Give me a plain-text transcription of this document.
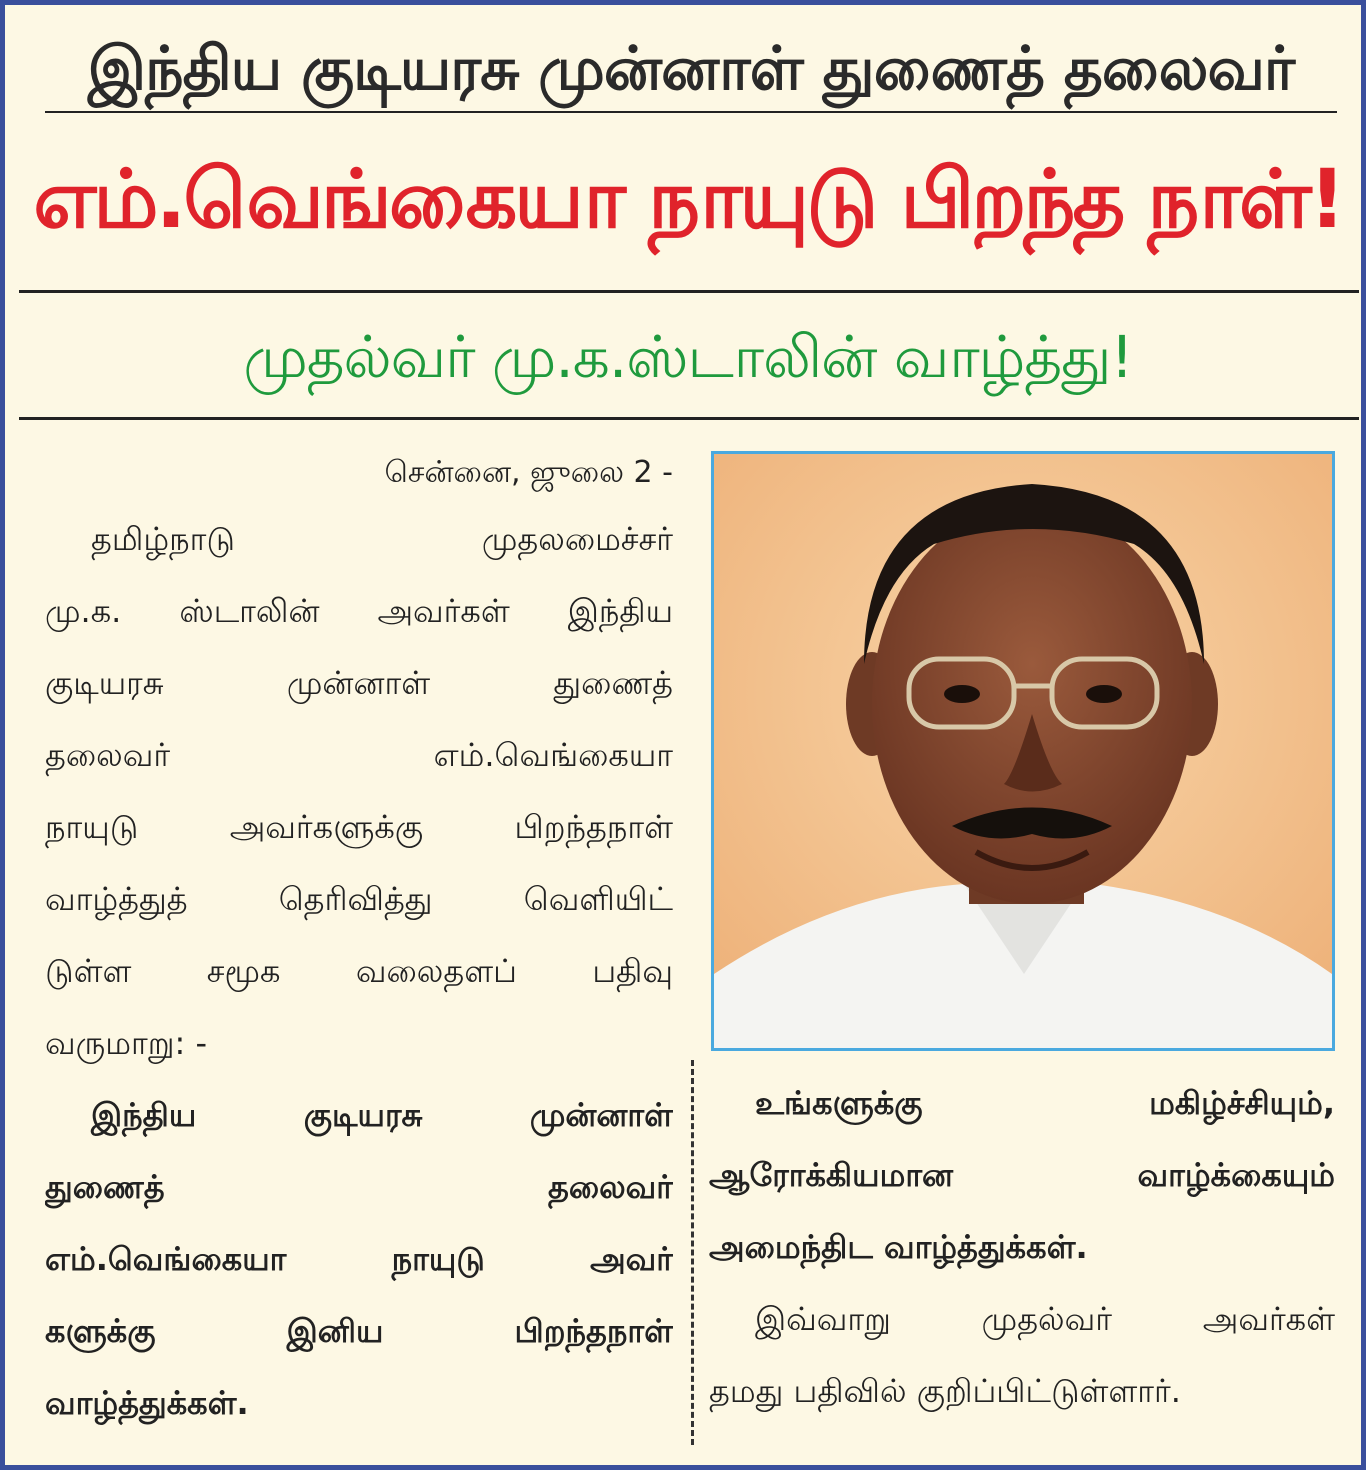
இந்திய குடியரசு முன்னாள் துணைத் தலைவர்
எம்.வெங்கையா நாயுடு பிறந்த நாள்!
முதல்வர் மு.க.ஸ்டாலின் வாழ்த்து!
சென்னை, ஜுலை 2 -
தமிழ்நாடு முதலமைச்சர்
மு.க. ஸ்டாலின் அவர்கள் இந்திய
குடியரசு முன்னாள் துணைத்
தலைவர் எம்.வெங்கையா
நாயுடு அவர்களுக்கு பிறந்தநாள்
வாழ்த்துத் தெரிவித்து வெளியிட்
டுள்ள சமூக வலைதளப் பதிவு
வருமாறு: -
இந்திய குடியரசு முன்னாள்
துணைத் தலைவர்
எம்.வெங்கையா நாயுடு அவர்
களுக்கு இனிய பிறந்தநாள்
வாழ்த்துக்கள்.
உங்களுக்கு மகிழ்ச்சியும்,
ஆரோக்கியமான வாழ்க்கையும்
அமைந்திட வாழ்த்துக்கள்.
இவ்வாறு முதல்வர் அவர்கள்
தமது பதிவில் குறிப்பிட்டுள்ளார்.
